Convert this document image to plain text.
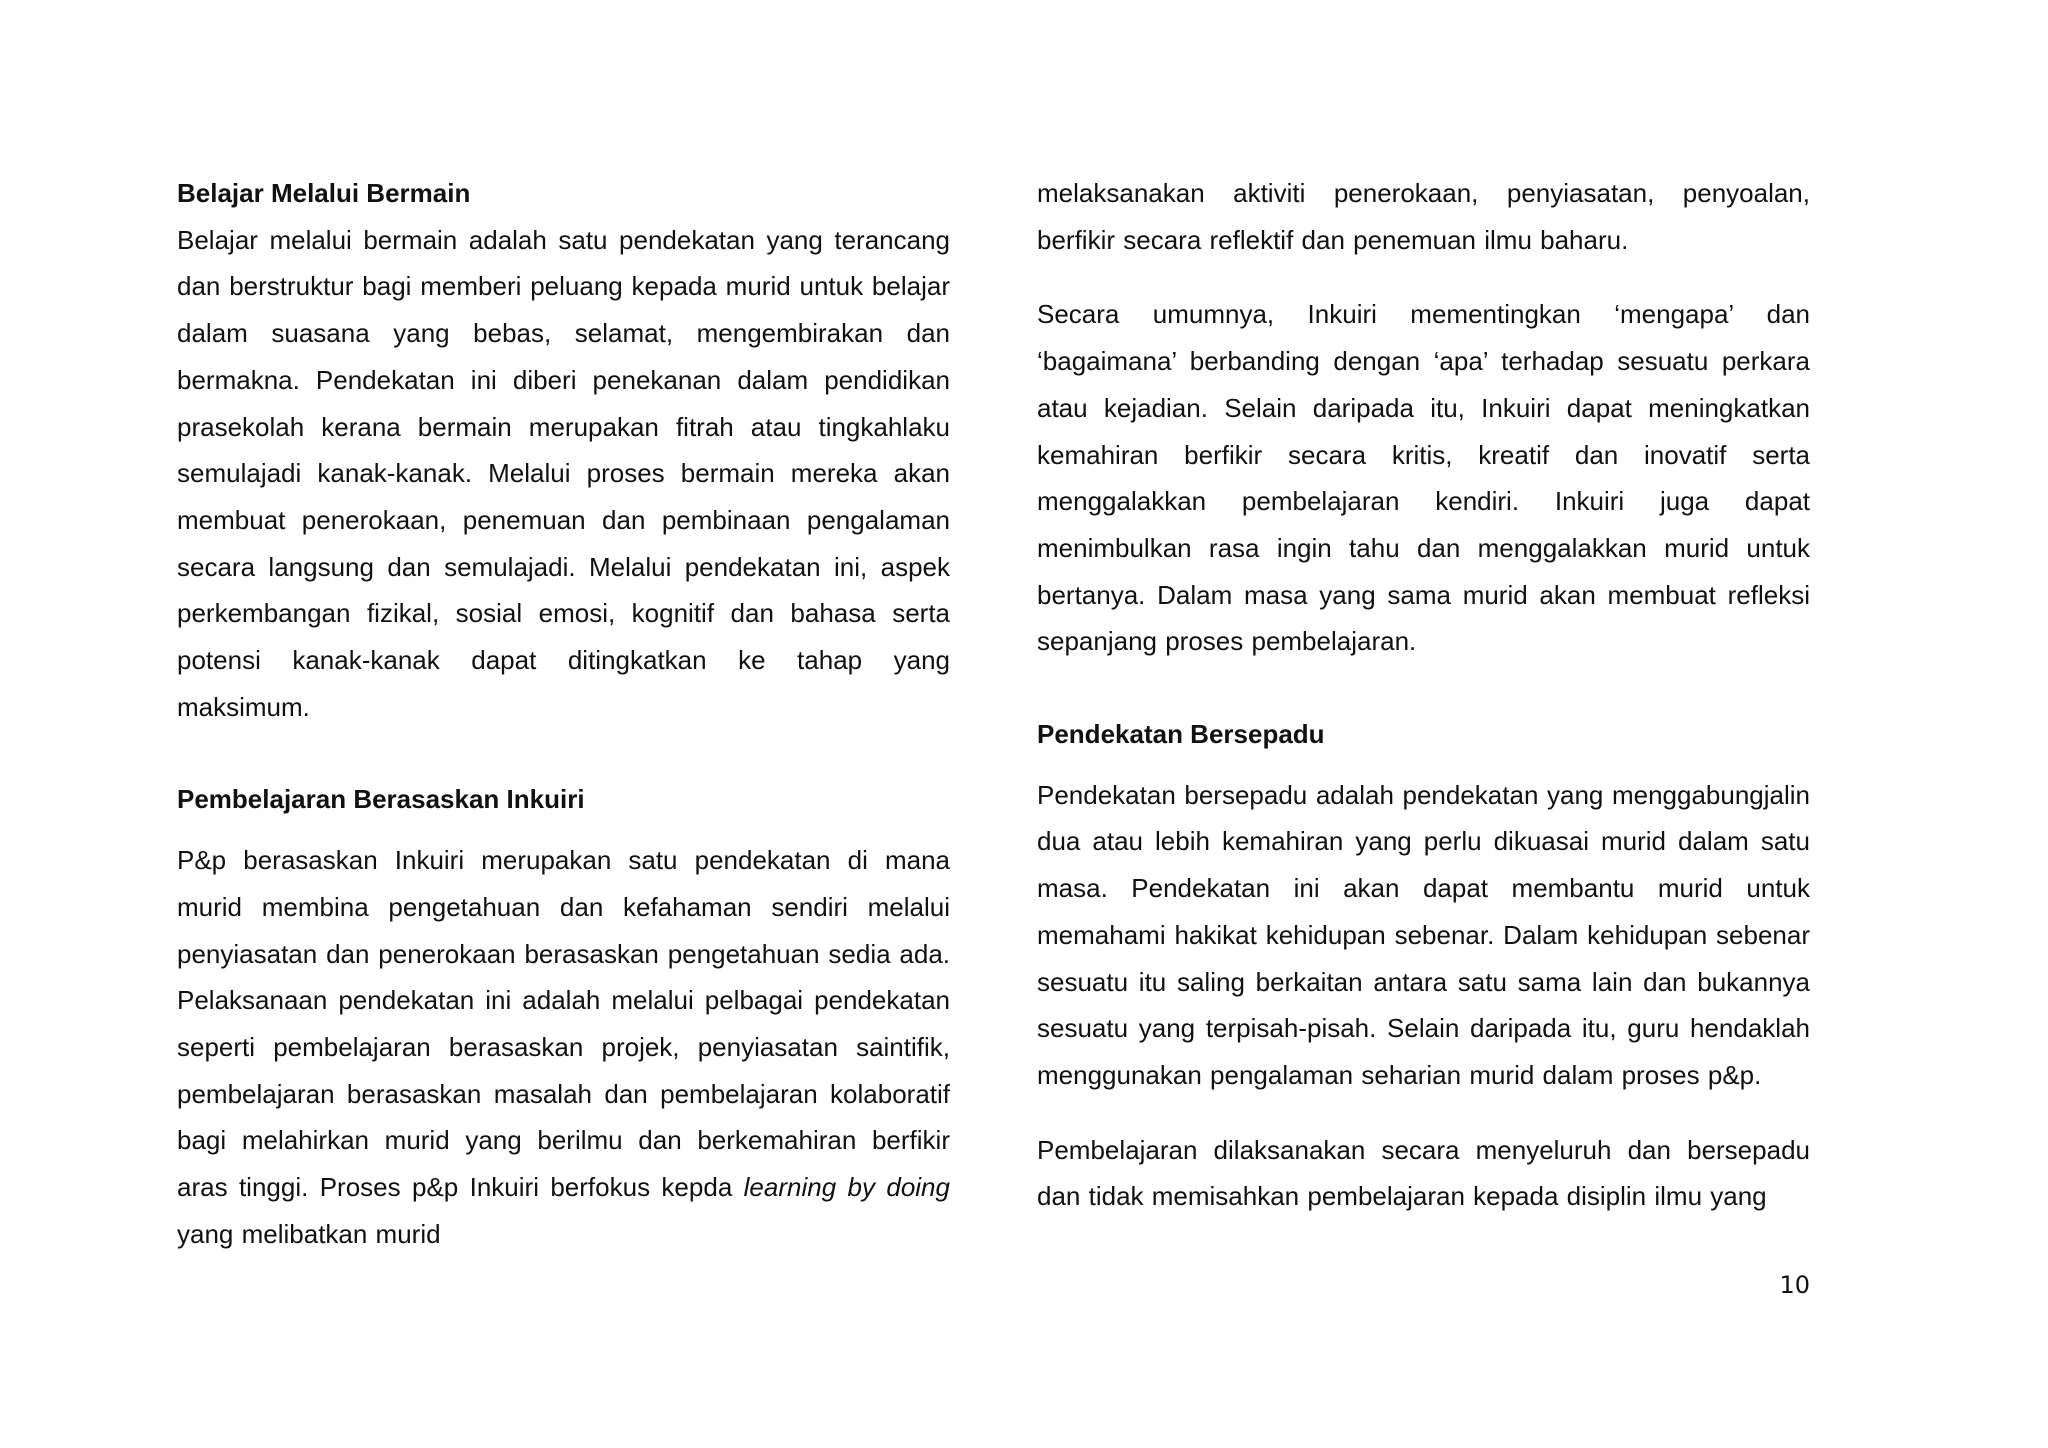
Belajar Melalui Bermain

Belajar melalui bermain adalah satu pendekatan yang terancang dan berstruktur bagi memberi peluang kepada murid untuk belajar dalam suasana yang bebas, selamat, mengembirakan dan bermakna. Pendekatan ini diberi penekanan dalam pendidikan prasekolah kerana bermain merupakan fitrah atau tingkahlaku semulajadi kanak-kanak. Melalui proses bermain mereka akan membuat penerokaan, penemuan dan pembinaan pengalaman secara langsung dan semulajadi. Melalui pendekatan ini, aspek perkembangan fizikal, sosial emosi, kognitif dan bahasa serta potensi kanak-kanak dapat ditingkatkan ke tahap yang maksimum.

Pembelajaran Berasaskan Inkuiri

P&p berasaskan Inkuiri merupakan satu pendekatan di mana murid membina pengetahuan dan kefahaman sendiri melalui penyiasatan dan penerokaan berasaskan pengetahuan sedia ada. Pelaksanaan pendekatan ini adalah melalui pelbagai pendekatan seperti pembelajaran berasaskan projek, penyiasatan saintifik, pembelajaran berasaskan masalah dan pembelajaran kolaboratif bagi melahirkan murid yang berilmu dan berkemahiran berfikir aras tinggi. Proses p&p Inkuiri berfokus kepda learning by doing yang melibatkan murid

melaksanakan aktiviti penerokaan, penyiasatan, penyoalan, berfikir secara reflektif dan penemuan ilmu baharu.

Secara umumnya, Inkuiri mementingkan ‘mengapa’ dan ‘bagaimana’ berbanding dengan ‘apa’ terhadap sesuatu perkara atau kejadian. Selain daripada itu, Inkuiri dapat meningkatkan kemahiran berfikir secara kritis, kreatif dan inovatif serta menggalakkan pembelajaran kendiri. Inkuiri juga dapat menimbulkan rasa ingin tahu dan menggalakkan murid untuk bertanya. Dalam masa yang sama murid akan membuat refleksi sepanjang proses pembelajaran.

Pendekatan Bersepadu

Pendekatan bersepadu adalah pendekatan yang menggabungjalin dua atau lebih kemahiran yang perlu dikuasai murid dalam satu masa. Pendekatan ini akan dapat membantu murid untuk memahami hakikat kehidupan sebenar. Dalam kehidupan sebenar sesuatu itu saling berkaitan antara satu sama lain dan bukannya sesuatu yang terpisah-pisah. Selain daripada itu, guru hendaklah menggunakan pengalaman seharian murid dalam proses p&p.

Pembelajaran dilaksanakan secara menyeluruh dan bersepadu dan tidak memisahkan pembelajaran kepada disiplin ilmu yang

10
